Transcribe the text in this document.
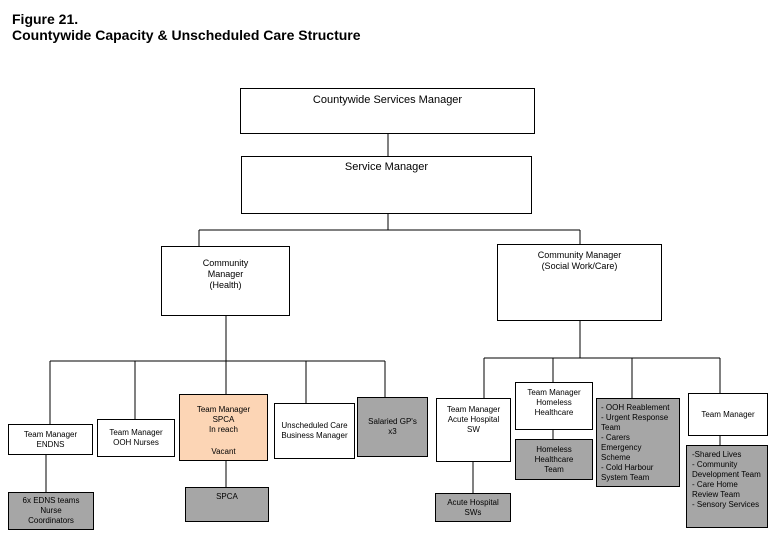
Figure 21.
Countywide Capacity & Unscheduled Care Structure
Countywide Services Manager
Service Manager
Community
Manager
(Health)
Community Manager
(Social Work/Care)
Team Manager
ENDNS
Team Manager
OOH Nurses
Team Manager
SPCA
In reach
Vacant
Unscheduled Care
Business Manager
Salaried GP's
x3
Team Manager
Acute Hospital
SW
Team Manager
Homeless
Healthcare
- OOH Reablement
- Urgent Response
Team
- Carers
Emergency
Scheme
- Cold Harbour
System Team
Team Manager
6x EDNS teams
Nurse
Coordinators
SPCA
Acute Hospital
SWs
Homeless
Healthcare
Team
-Shared Lives
- Community
Development Team
- Care Home
Review Team
- Sensory Services
